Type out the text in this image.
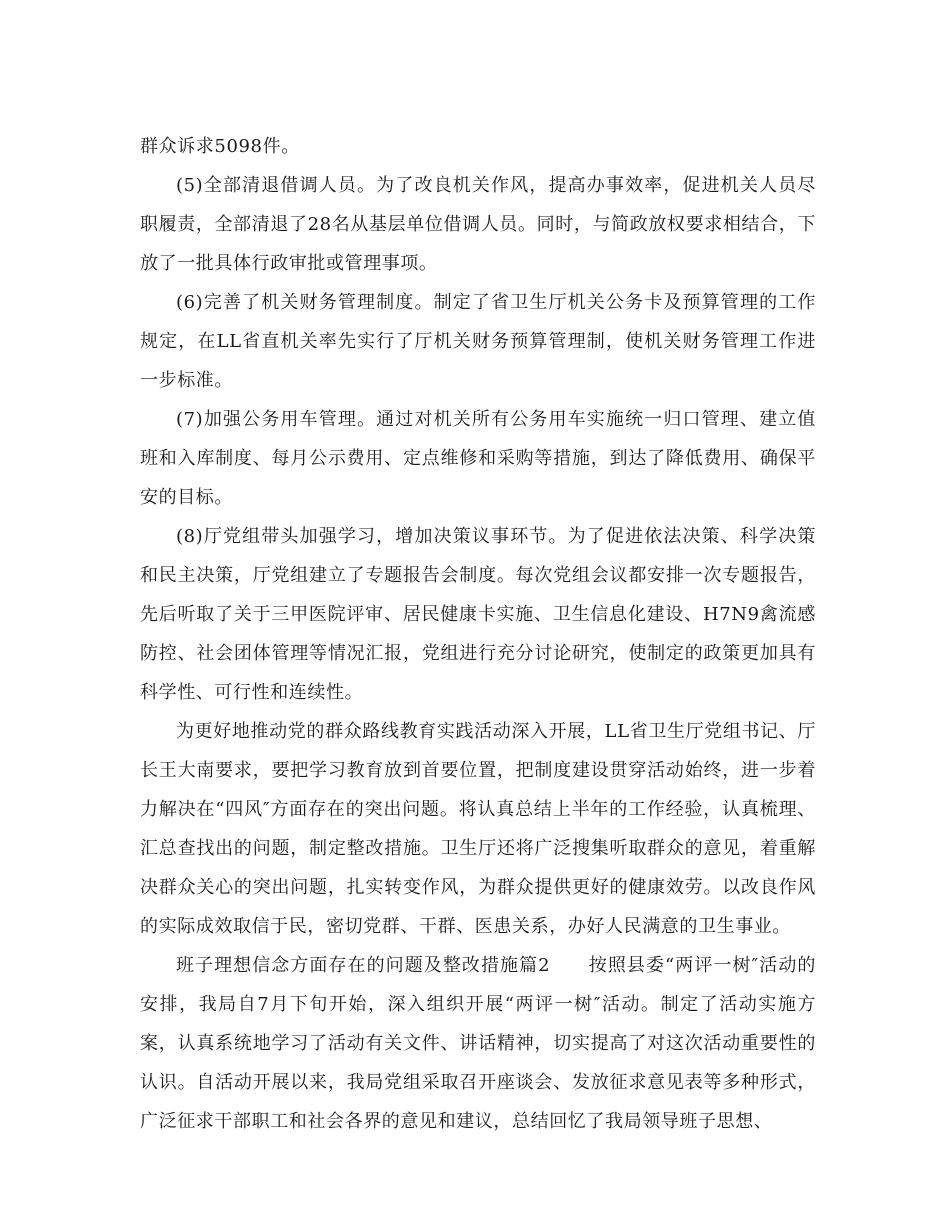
群众诉求5098件。

(5)全部清退借调人员。为了改良机关作风，提高办事效率，促进机关人员尽职履责，全部清退了28名从基层单位借调人员。同时，与简政放权要求相结合，下放了一批具体行政审批或管理事项。

(6)完善了机关财务管理制度。制定了省卫生厅机关公务卡及预算管理的工作规定，在LL省直机关率先实行了厅机关财务预算管理制，使机关财务管理工作进一步标准。

(7)加强公务用车管理。通过对机关所有公务用车实施统一归口管理、建立值班和入库制度、每月公示费用、定点维修和采购等措施，到达了降低费用、确保平安的目标。

(8)厅党组带头加强学习，增加决策议事环节。为了促进依法决策、科学决策和民主决策，厅党组建立了专题报告会制度。每次党组会议都安排一次专题报告，先后听取了关于三甲医院评审、居民健康卡实施、卫生信息化建设、H7N9禽流感防控、社会团体管理等情况汇报，党组进行充分讨论研究，使制定的政策更加具有科学性、可行性和连续性。

为更好地推动党的群众路线教育实践活动深入开展，LL省卫生厅党组书记、厅长王大南要求，要把学习教育放到首要位置，把制度建设贯穿活动始终，进一步着力解决在“四风″方面存在的突出问题。将认真总结上半年的工作经验，认真梳理、汇总查找出的问题，制定整改措施。卫生厅还将广泛搜集听取群众的意见，着重解决群众关心的突出问题，扎实转变作风，为群众提供更好的健康效劳。以改良作风的实际成效取信于民，密切党群、干群、医患关系，办好人民满意的卫生事业。

班子理想信念方面存在的问题及整改措施篇2　　按照县委“两评一树″活动的安排，我局自7月下旬开始，深入组织开展“两评一树″活动。制定了活动实施方案，认真系统地学习了活动有关文件、讲话精神，切实提高了对这次活动重要性的认识。自活动开展以来，我局党组采取召开座谈会、发放征求意见表等多种形式，广泛征求干部职工和社会各界的意见和建议，总结回忆了我局领导班子思想、
